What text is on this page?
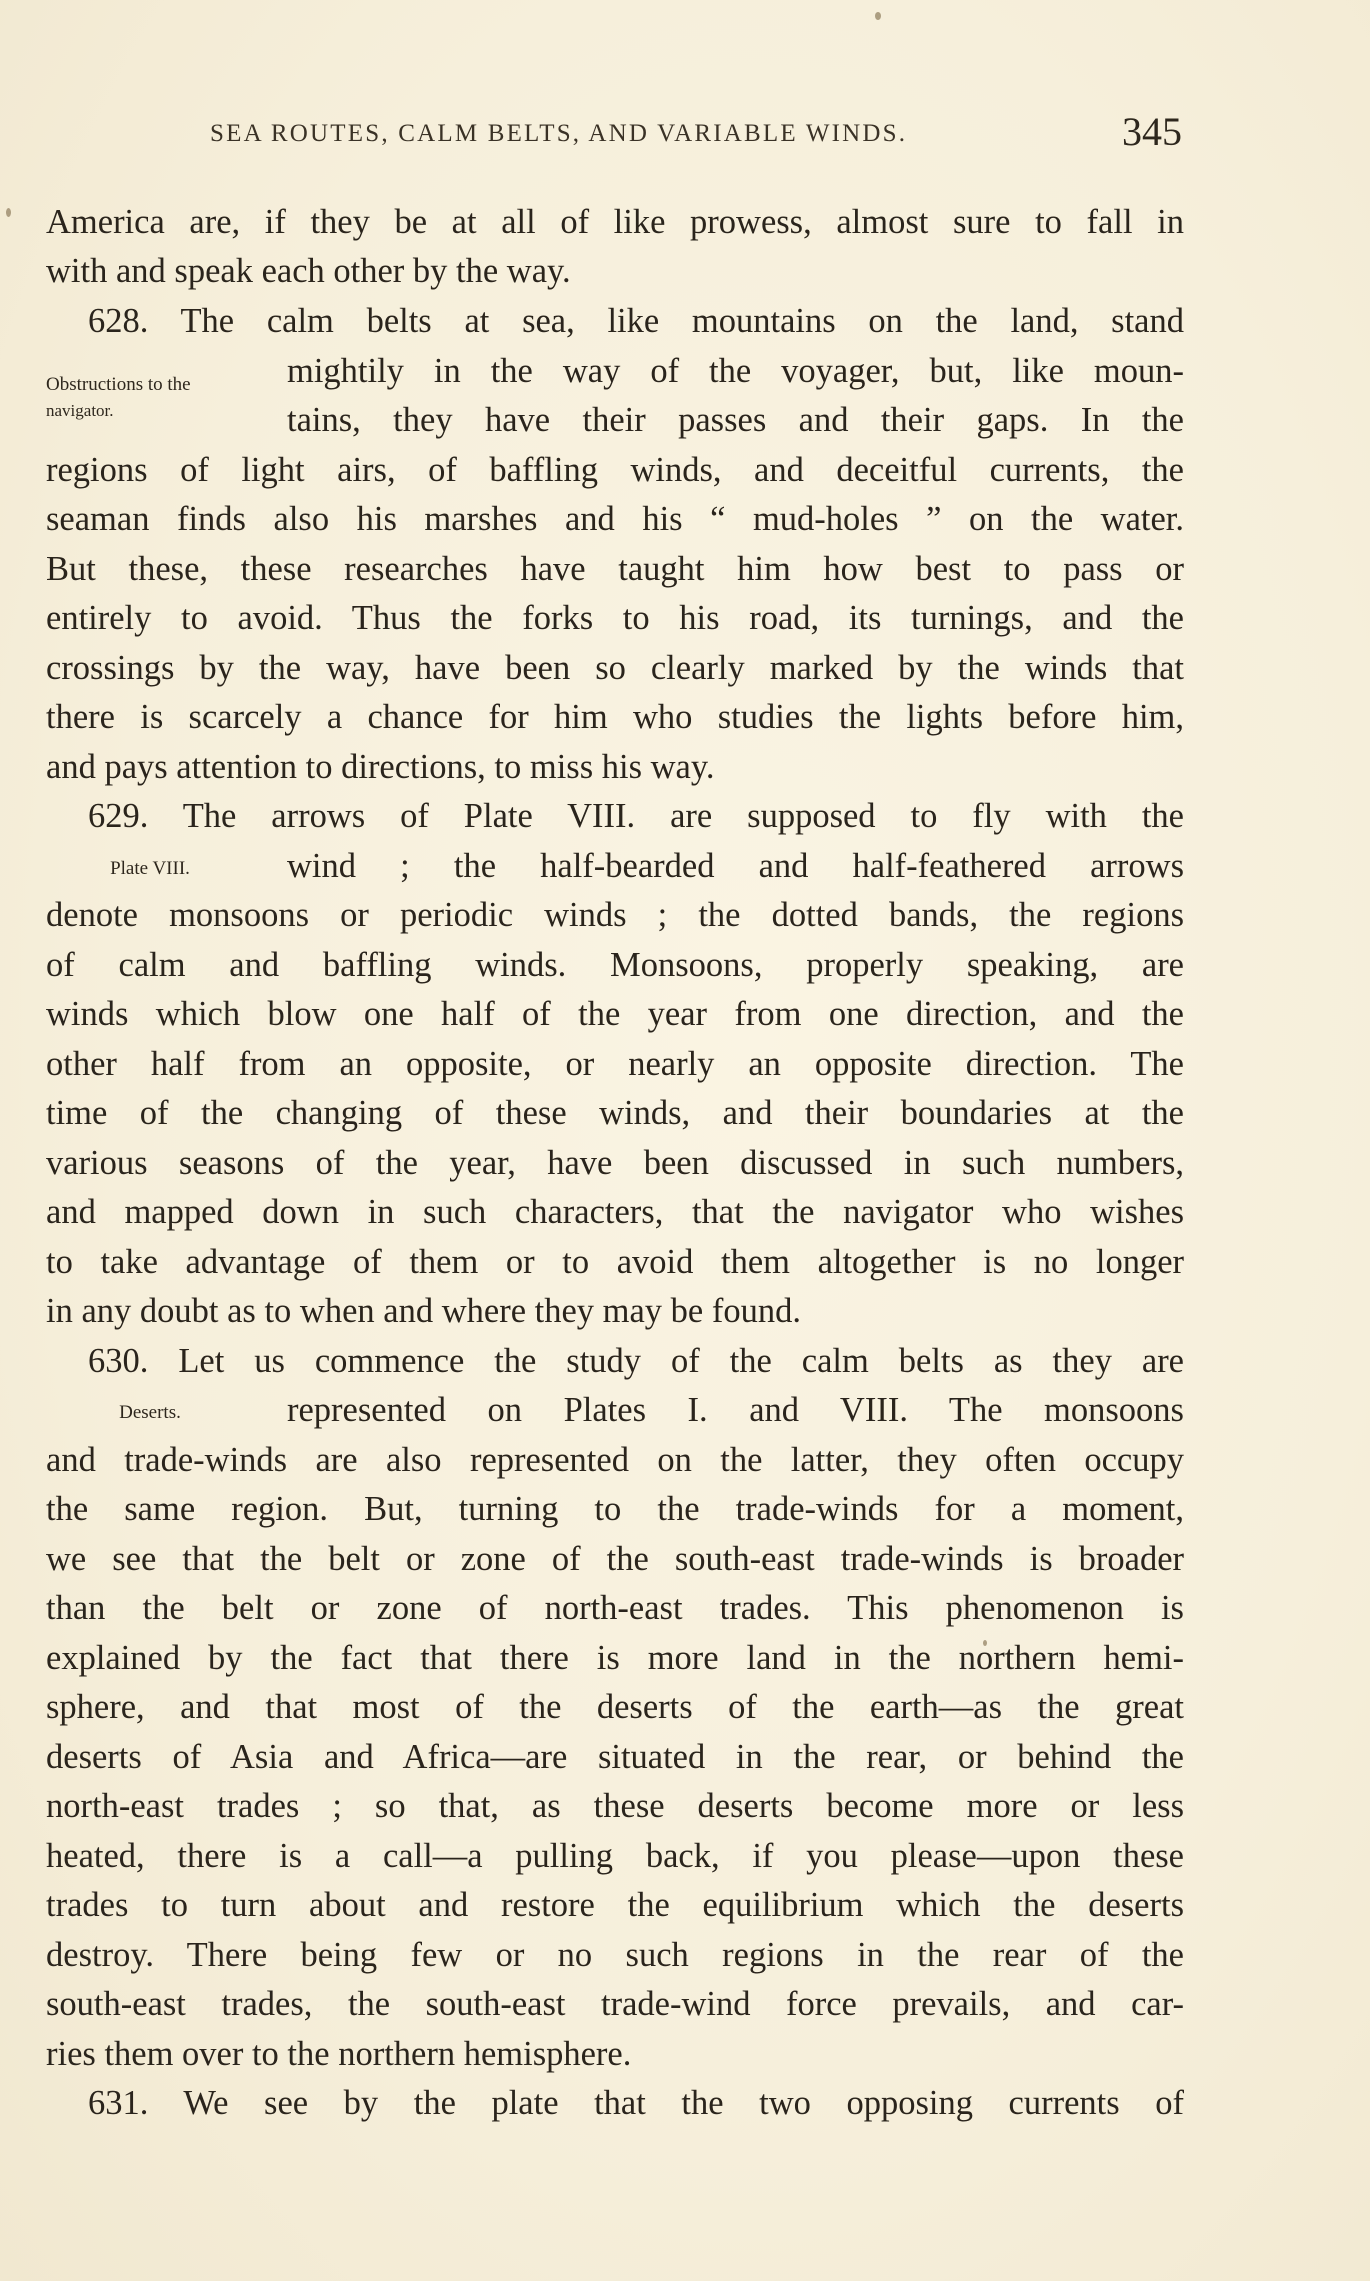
SEA ROUTES, CALM BELTS, AND VARIABLE WINDS.	345
Obstructions to the
navigator.
Plate VIII.
Deserts.
America are, if they be at all of like prowess, almost sure to fall in
with and speak each other by the way.
628. The calm belts at sea, like mountains on the land, stand
mightily in the way of the voyager, but, like moun-
tains, they have their passes and their gaps. In the
regions of light airs, of baffling winds, and deceitful currents, the
seaman finds also his marshes and his “ mud-holes ” on the water.
But these, these researches have taught him how best to pass or
entirely to avoid. Thus the forks to his road, its turnings, and the
crossings by the way, have been so clearly marked by the winds that
there is scarcely a chance for him who studies the lights before him,
and pays attention to directions, to miss his way.
629. The arrows of Plate VIII. are supposed to fly with the
wind ; the half-bearded and half-feathered arrows
denote monsoons or periodic winds ; the dotted bands, the regions
of calm and baffling winds. Monsoons, properly speaking, are
winds which blow one half of the year from one direction, and the
other half from an opposite, or nearly an opposite direction. The
time of the changing of these winds, and their boundaries at the
various seasons of the year, have been discussed in such numbers,
and mapped down in such characters, that the navigator who wishes
to take advantage of them or to avoid them altogether is no longer
in any doubt as to when and where they may be found.
630. Let us commence the study of the calm belts as they are
represented on Plates I. and VIII. The monsoons
and trade-winds are also represented on the latter, they often occupy
the same region. But, turning to the trade-winds for a moment,
we see that the belt or zone of the south-east trade-winds is broader
than the belt or zone of north-east trades. This phenomenon is
explained by the fact that there is more land in the northern hemi-
sphere, and that most of the deserts of the earth—as the great
deserts of Asia and Africa—are situated in the rear, or behind the
north-east trades ; so that, as these deserts become more or less
heated, there is a call—a pulling back, if you please—upon these
trades to turn about and restore the equilibrium which the deserts
destroy. There being few or no such regions in the rear of the
south-east trades, the south-east trade-wind force prevails, and car-
ries them over to the northern hemisphere.
631. We see by the plate that the two opposing currents of
